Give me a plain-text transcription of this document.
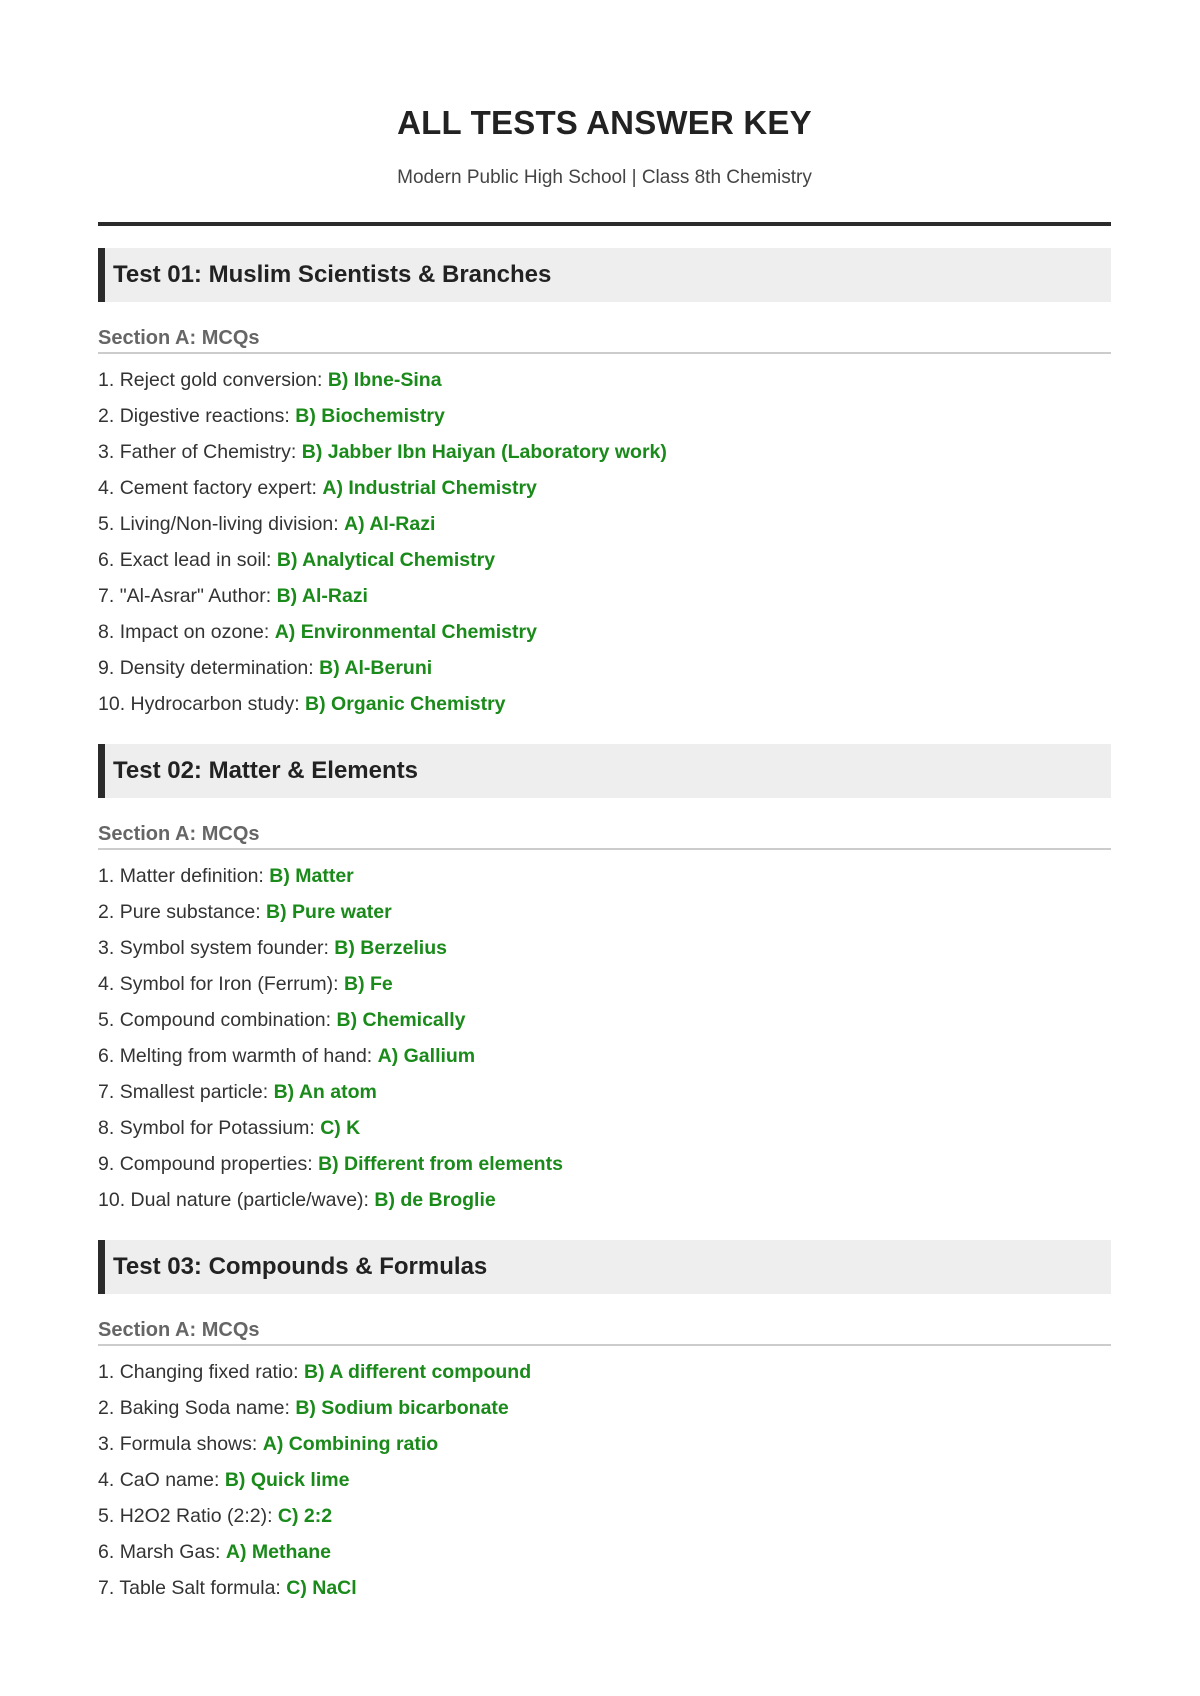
ALL TESTS ANSWER KEY
Modern Public High School | Class 8th Chemistry
Test 01: Muslim Scientists & Branches
Section A: MCQs
1. Reject gold conversion: B) Ibne-Sina
2. Digestive reactions: B) Biochemistry
3. Father of Chemistry: B) Jabber Ibn Haiyan (Laboratory work)
4. Cement factory expert: A) Industrial Chemistry
5. Living/Non-living division: A) Al-Razi
6. Exact lead in soil: B) Analytical Chemistry
7. "Al-Asrar" Author: B) Al-Razi
8. Impact on ozone: A) Environmental Chemistry
9. Density determination: B) Al-Beruni
10. Hydrocarbon study: B) Organic Chemistry
Test 02: Matter & Elements
Section A: MCQs
1. Matter definition: B) Matter
2. Pure substance: B) Pure water
3. Symbol system founder: B) Berzelius
4. Symbol for Iron (Ferrum): B) Fe
5. Compound combination: B) Chemically
6. Melting from warmth of hand: A) Gallium
7. Smallest particle: B) An atom
8. Symbol for Potassium: C) K
9. Compound properties: B) Different from elements
10. Dual nature (particle/wave): B) de Broglie
Test 03: Compounds & Formulas
Section A: MCQs
1. Changing fixed ratio: B) A different compound
2. Baking Soda name: B) Sodium bicarbonate
3. Formula shows: A) Combining ratio
4. CaO name: B) Quick lime
5. H2O2 Ratio (2:2): C) 2:2
6. Marsh Gas: A) Methane
7. Table Salt formula: C) NaCl
